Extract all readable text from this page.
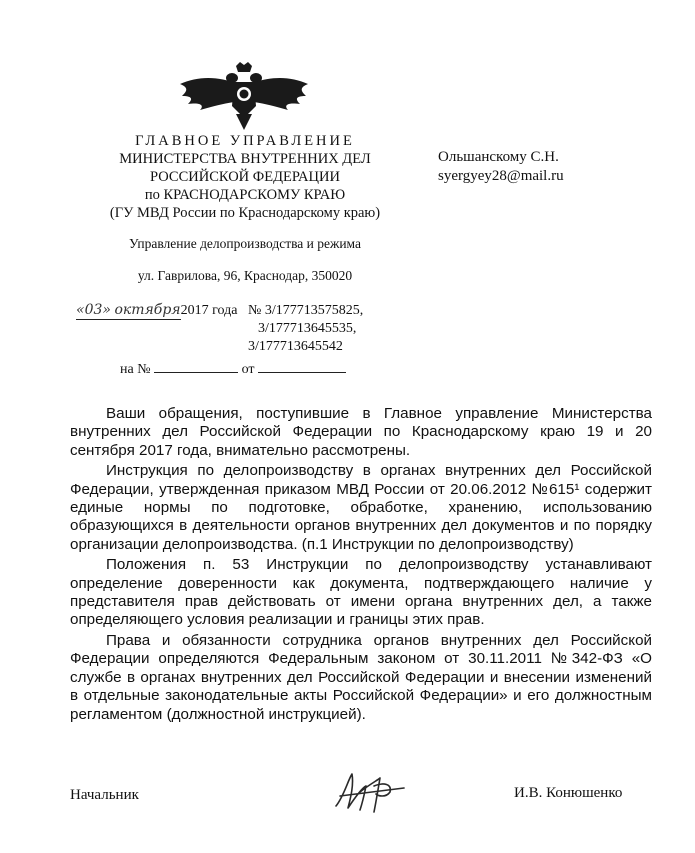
ГЛАВНОЕ УПРАВЛЕНИЕ
МИНИСТЕРСТВА ВНУТРЕННИХ ДЕЛ
РОССИЙСКОЙ ФЕДЕРАЦИИ
по КРАСНОДАРСКОМУ КРАЮ
(ГУ МВД России по Краснодарскому краю)
Управление делопроизводства и режима
ул. Гаврилова, 96, Краснодар, 350020
Ольшанскому С.Н.
syergyey28@mail.ru
«03» октября2017 года № 3/177713575825,
3/177713645535,
3/177713645542
на №	от

Ваши обращения, поступившие в Главное управление Министерства внутренних дел Российской Федерации по Краснодарскому краю 19 и 20 сентября 2017 года, внимательно рассмотрены.

Инструкция по делопроизводству в органах внутренних дел Российской Федерации, утвержденная приказом МВД России от 20.06.2012 №615¹ содержит единые нормы по подготовке, обработке, хранению, использованию образующихся в деятельности органов внутренних дел документов и по порядку организации делопроизводства. (п.1 Инструкции по делопроизводству)

Положения п. 53 Инструкции по делопроизводству устанавливают определение доверенности как документа, подтверждающего наличие у представителя прав действовать от имени органа внутренних дел, а также определяющего условия реализации и границы этих прав.

Права и обязанности сотрудника органов внутренних дел Российской Федерации определяются Федеральным законом от 30.11.2011 №342-ФЗ «О службе в органах внутренних дел Российской Федерации и внесении изменений в отдельные законодательные акты Российской Федерации» и его должностным регламентом (должностной инструкцией).

Начальник	И.В. Конюшенко
